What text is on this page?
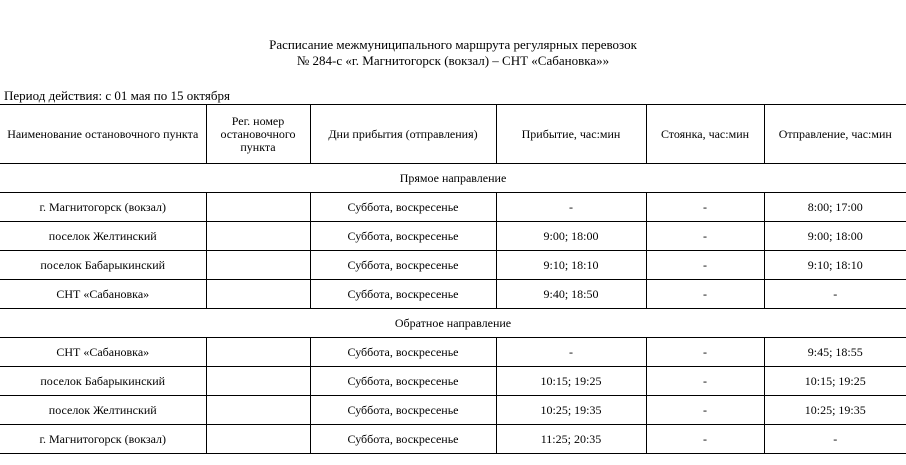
Расписание межмуниципального маршрута регулярных перевозок
№ 284-с «г. Магнитогорск (вокзал) – СНТ «Сабановка»»
Период действия: с 01 мая по 15 октября
Наименование остановочного пункта	Рег. номер остановочного пункта	Дни прибытия (отправления)	Прибытие, час:мин	Стоянка, час:мин	Отправление, час:мин
Прямое направление					
г. Магнитогорск (вокзал)		Суббота, воскресенье	-	-	8:00; 17:00
поселок Желтинский		Суббота, воскресенье	9:00; 18:00	-	9:00; 18:00
поселок Бабарыкинский		Суббота, воскресенье	9:10; 18:10	-	9:10; 18:10
СНТ «Сабановка»		Суббота, воскресенье	9:40; 18:50	-	-
Обратное направление					
СНТ «Сабановка»		Суббота, воскресенье	-	-	9:45; 18:55
поселок Бабарыкинский		Суббота, воскресенье	10:15; 19:25	-	10:15; 19:25
поселок Желтинский		Суббота, воскресенье	10:25; 19:35	-	10:25; 19:35
г. Магнитогорск (вокзал)		Суббота, воскресенье	11:25; 20:35	-	-
